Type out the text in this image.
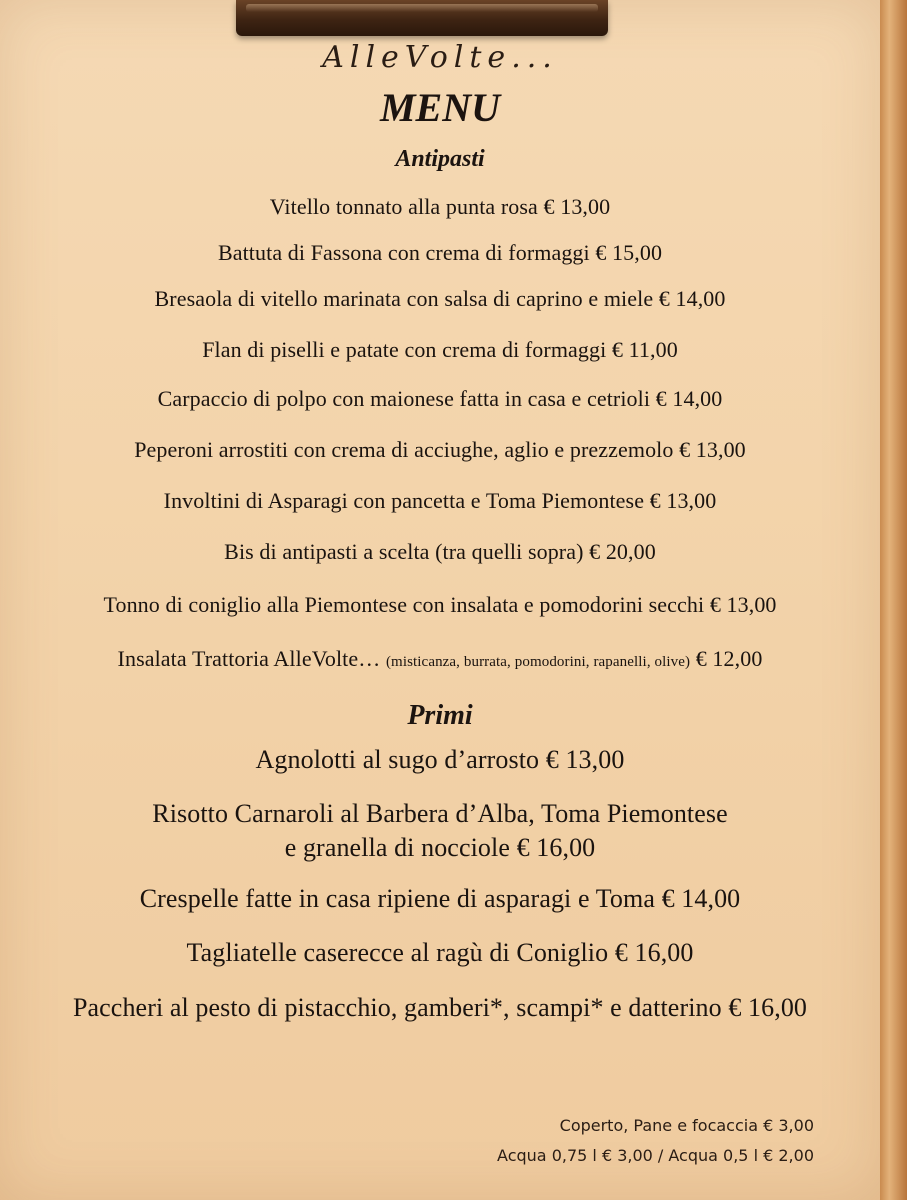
AlleVolte...
MENU
Antipasti
Vitello tonnato alla punta rosa € 13,00
Battuta di Fassona con crema di formaggi € 15,00
Bresaola di vitello marinata con salsa di caprino e miele € 14,00
Flan di piselli e patate con crema di formaggi € 11,00
Carpaccio di polpo con maionese fatta in casa e cetrioli € 14,00
Peperoni arrostiti con crema di acciughe, aglio e prezzemolo € 13,00
Involtini di Asparagi con pancetta e Toma Piemontese € 13,00
Bis di antipasti a scelta (tra quelli sopra) € 20,00
Tonno di coniglio alla Piemontese con insalata e pomodorini secchi € 13,00
Insalata Trattoria AlleVolte… (misticanza, burrata, pomodorini, rapanelli, olive) € 12,00
Primi
Agnolotti al sugo d’arrosto € 13,00
Risotto Carnaroli al Barbera d’Alba, Toma Piemontese
e granella di nocciole € 16,00
Crespelle fatte in casa ripiene di asparagi e Toma € 14,00
Tagliatelle caserecce al ragù di Coniglio € 16,00
Paccheri al pesto di pistacchio, gamberi*, scampi* e datterino € 16,00
Coperto, Pane e focaccia € 3,00
Acqua 0,75 l € 3,00 / Acqua 0,5 l € 2,00
